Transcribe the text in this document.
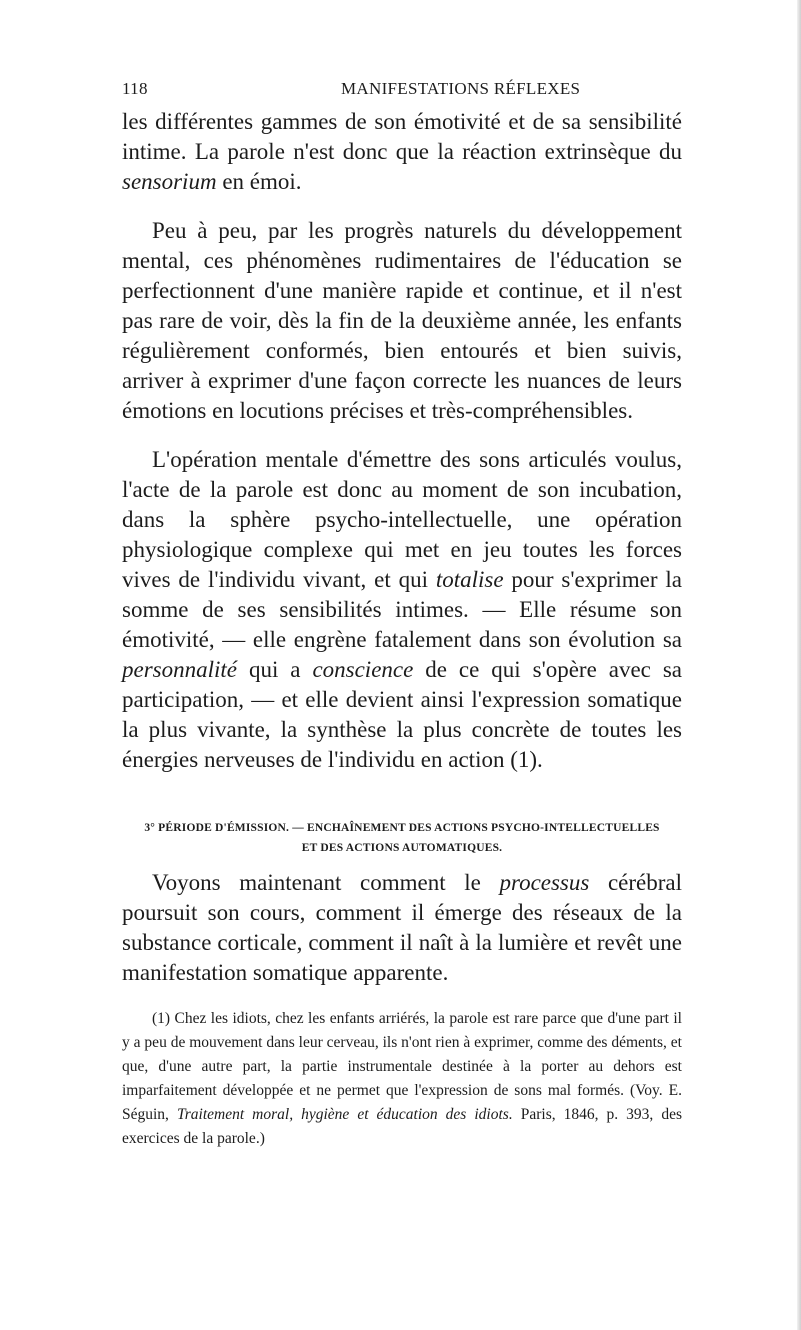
118	MANIFESTATIONS RÉFLEXES

les différentes gammes de son émotivité et de sa sensibilité intime. La parole n'est donc que la réaction extrinsèque du sensorium en émoi.

Peu à peu, par les progrès naturels du développement mental, ces phénomènes rudimentaires de l'éducation se perfectionnent d'une manière rapide et continue, et il n'est pas rare de voir, dès la fin de la deuxième année, les enfants régulièrement conformés, bien entourés et bien suivis, arriver à exprimer d'une façon correcte les nuances de leurs émotions en locutions précises et très-compréhensibles.

L'opération mentale d'émettre des sons articulés voulus, l'acte de la parole est donc au moment de son incubation, dans la sphère psycho-intellectuelle, une opération physiologique complexe qui met en jeu toutes les forces vives de l'individu vivant, et qui totalise pour s'exprimer la somme de ses sensibilités intimes. — Elle résume son émotivité, — elle engrène fatalement dans son évolution sa personnalité qui a conscience de ce qui s'opère avec sa participation, — et elle devient ainsi l'expression somatique la plus vivante, la synthèse la plus concrète de toutes les énergies nerveuses de l'individu en action (1).

3° PÉRIODE D'ÉMISSION. — ENCHAÎNEMENT DES ACTIONS PSYCHO-INTELLECTUELLES
ET DES ACTIONS AUTOMATIQUES.

Voyons maintenant comment le processus cérébral poursuit son cours, comment il émerge des réseaux de la substance corticale, comment il naît à la lumière et revêt une manifestation somatique apparente.

(1) Chez les idiots, chez les enfants arriérés, la parole est rare parce que d'une part il y a peu de mouvement dans leur cerveau, ils n'ont rien à exprimer, comme des déments, et que, d'une autre part, la partie instrumentale destinée à la porter au dehors est imparfaitement développée et ne permet que l'expression de sons mal formés. (Voy. E. Séguin, Traitement moral, hygiène et éducation des idiots. Paris, 1846, p. 393, des exercices de la parole.)
